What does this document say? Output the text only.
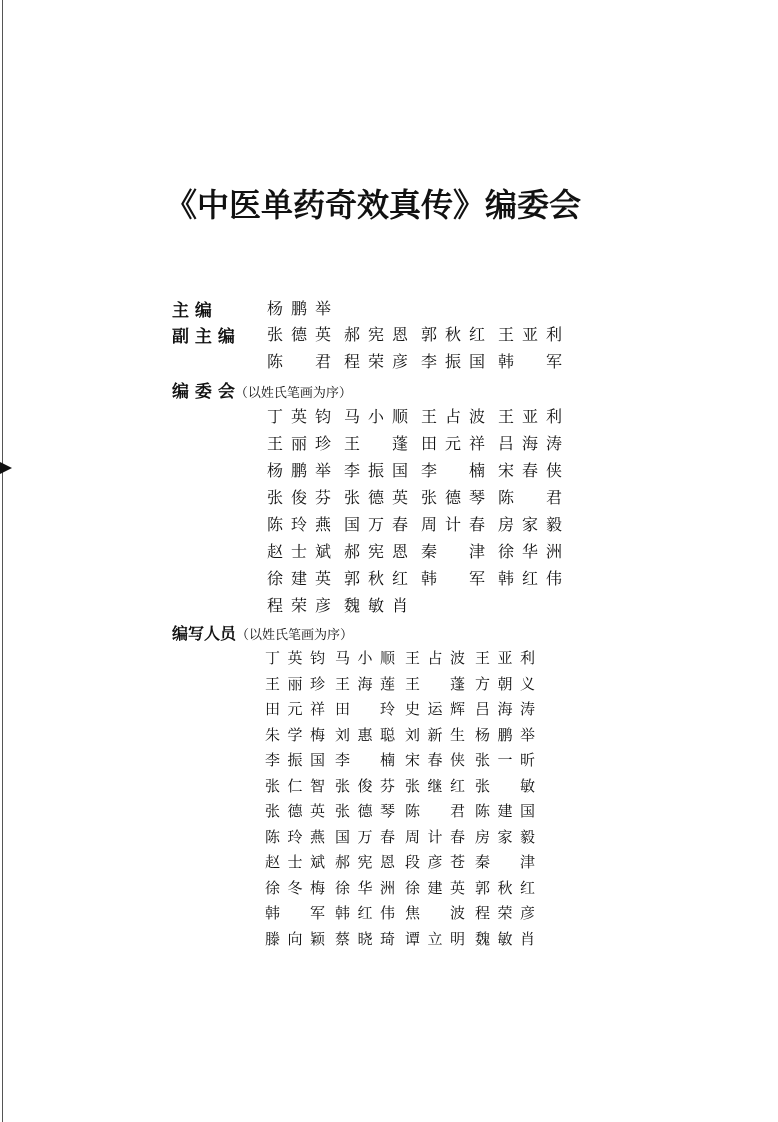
《中医单药奇效真传》编委会
主 编	杨鹏举
副 主 编 张德英 郝宪恩 郭秋红 王亚利
陈 君 程荣彦 李振国 韩 军
编 委 会（以姓氏笔画为序）
丁英钧 马小顺 王占波 王亚利
王丽珍 王 蓬 田元祥 吕海涛
杨鹏举 李振国 李 楠 宋春侠
张俊芬 张德英 张德琴 陈 君
陈玲燕 国万春 周计春 房家毅
赵士斌 郝宪恩 秦 津 徐华洲
徐建英 郭秋红 韩 军 韩红伟
程荣彦 魏敏肖
编写人员（以姓氏笔画为序）
丁英钧 马小顺 王占波 王亚利
王丽珍 王海莲 王 蓬 方朝义
田元祥 田 玲 史运辉 吕海涛
朱学梅 刘惠聪 刘新生 杨鹏举
李振国 李 楠 宋春侠 张一昕
张仁智 张俊芬 张继红 张 敏
张德英 张德琴 陈 君 陈建国
陈玲燕 国万春 周计春 房家毅
赵士斌 郝宪恩 段彦苍 秦 津
徐冬梅 徐华洲 徐建英 郭秋红
韩 军 韩红伟 焦 波 程荣彦
滕向颖 蔡晓琦 谭立明 魏敏肖
